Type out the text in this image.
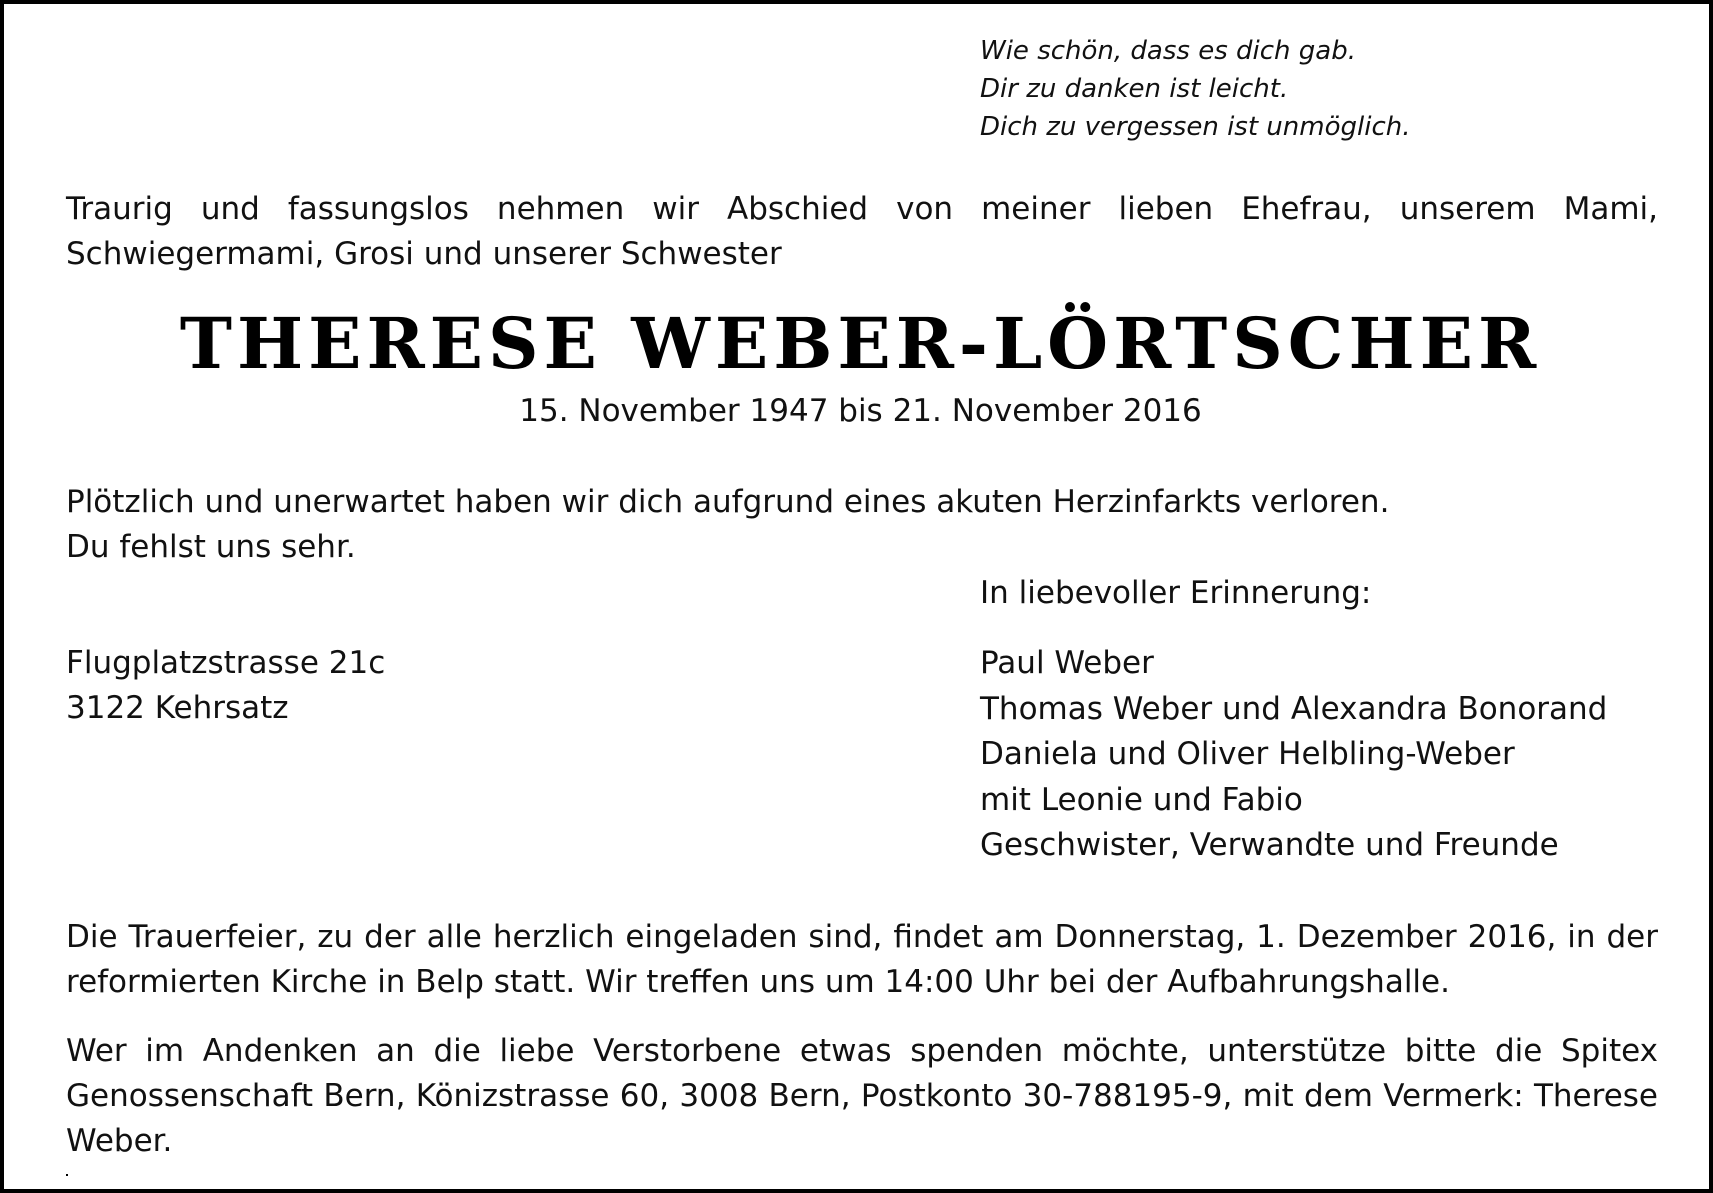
Wie schön, dass es dich gab.
Dir zu danken ist leicht.
Dich zu vergessen ist unmöglich.
Traurig und fassungslos nehmen wir Abschied von meiner lieben Ehefrau, unserem Mami, Schwiegermami, Grosi und unserer Schwester
THERESE WEBER-LÖRTSCHER
15. November 1947 bis 21. November 2016
Plötzlich und unerwartet haben wir dich aufgrund eines akuten Herzinfarkts verloren.
Du fehlst uns sehr.
In liebevoller Erinnerung:
Flugplatzstrasse 21c
3122 Kehrsatz
Paul Weber
Thomas Weber und Alexandra Bonorand
Daniela und Oliver Helbling-Weber
mit Leonie und Fabio
Geschwister, Verwandte und Freunde
Die Trauerfeier, zu der alle herzlich eingeladen sind, findet am Donnerstag, 1. Dezember 2016, in der reformierten Kirche in Belp statt. Wir treffen uns um 14:00 Uhr bei der Aufbahrungshalle.
Wer im Andenken an die liebe Verstorbene etwas spenden möchte, unterstütze bitte die Spitex Genossenschaft Bern, Könizstrasse 60, 3008 Bern, Postkonto 30-788195-9, mit dem Vermerk: Therese Weber.
